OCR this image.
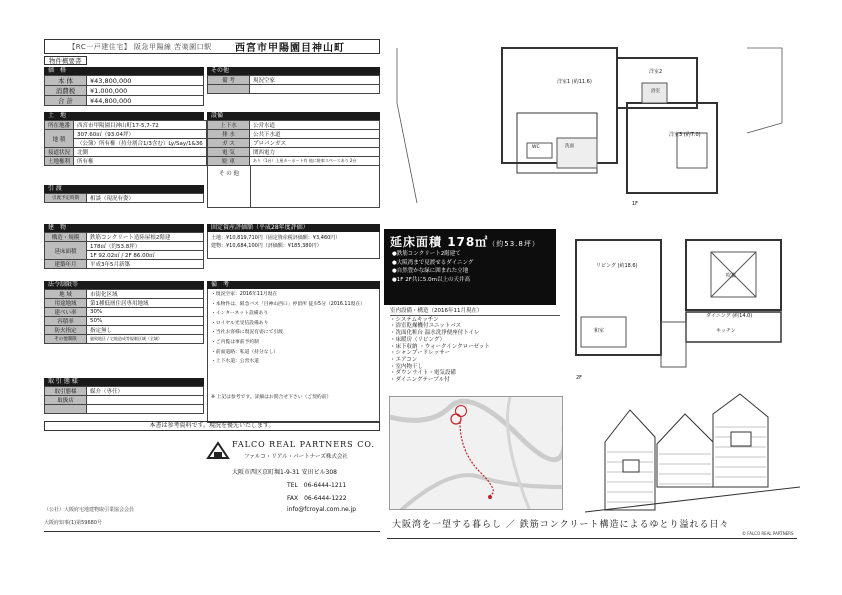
【RC一戸建住宅】 阪急甲陽線 苦楽園口駅	西宮市甲陽園目神山町
物件概要書
価　 格
本 体	¥43,800,000
消費税	¥1,000,000
合 計	¥44,800,000
その他
備 考	現況空家

土　地
所在地番	西宮市甲陽園目神山町17-5,7-72
地 積	307.60㎡（93.04坪）
	（公簿）所有権（持分割合1/3含む）Ly/Say/1&36
接道状況	北側
土地権利	所有権
設備
上下水	公営水道
排 水	公共下水道
ガ ス	プロパンガス
電 気	関西電力
駐 車	あり（1台）上屋カーポート有 他に駐車スペースあり 2台
そ の 他
引 渡
引渡予定時期	相談（現況有姿）
建　物
構造・規模	鉄筋コンクリート造陸屋根2階建
延床面積	178㎡（約53.8坪）
	1F 92.02㎡ / 2F 86.00㎡
建築年月	平成3年5月新築
固定資産評価額（平成28年度評価）
土地：¥10,819,710円（固定資産税評価額：¥3,460円）
建物：¥10,684,100円（評価額：¥185,380円）
法令制限等
地 域	市街化区域
用途地域	第1種低層住居専用地域
建ぺい率	30%
容積率	50%
防火指定	指定無し
その他制限	風致地区 / 宅地造成等規制区域（全域）
備　考
・現況空家：2016年11月現在
・本物件は、阪急バス「目神山西口」停留所 徒歩5分（2016.11現在）
・インターネット設備あり
・ロイヤル光受信設備あり
・当社お客様に現況有姿にて引渡
・ご内覧は事前予約制
・前面道路：私道（持分なし）
・上下水道：公営水道
※ 上記は参考です。詳細はお問合せ下さい（ご契約前）
取 引 態 様
取引態様	媒介（専任）
取扱店	

本書は参考資料です。現況を優先いたします。
FALCO REAL PARTNERS CO.
ファルコ・リアル・パートナーズ株式会社
大阪市西区京町堀1-9-31 安田ビル308
TEL　06-6444-1211
FAX　06-6444-1222
info@fcroyal.com.ne.jp
（公社）大阪府宅地建物取引業協会会員
大阪府知事(1)第59680号
洋室1 (約11.6)
洋室2
洋室3 (約7.0)
WC	洗面
浴室
1F
リビング (約18.6)
ダイニング (約14.0)
和室	キッチン
吹抜
2F
延床面積 178㎡（約53.8坪）
●鉄筋コンクリート2階建て
●大阪湾まで見渡せるダイニング
●自然豊かな緑に囲まれた立地
●1F 2F共に5.0m以上の天井高
室内設備・構造（2016年11月現在）
・システムキッチン
・浴室乾燥機付ユニットバス
・洗面化粧台 温水洗浄便座付トイレ
・床暖房（リビング）
・床下収納 ・ウォークインクローゼット
・シャンプードレッサー
・エアコン
・室内物干し
・ダウンライト・電気設備
・ダイニングテーブル付
大阪湾を一望する暮らし ／ 鉄筋コンクリート構造によるゆとり溢れる日々
© FALCO REAL PARTNERS
